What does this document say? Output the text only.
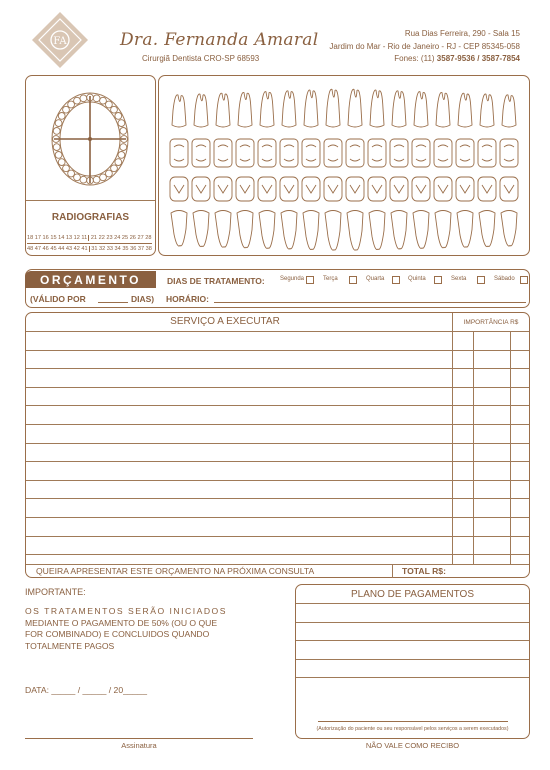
FA	Dra. Fernanda Amaral
Cirurgiã Dentista CRO-SP 68593
Rua Dias Ferreira, 290 - Sala 15
Jardim do Mar - Rio de Janeiro - RJ - CEP 85345-058
Fones: (11) 3587-9536 / 3587-7854
RADIOGRAFIAS
18 17 16 15 14 13 12 11 21 22 23 24 25 26 27 28
48 47 46 45 44 43 42 41 31 32 33 34 35 36 37 38
ORÇAMENTO	DIAS DE TRATAMENTO:	Segunda	Terça	Quarta	Quinta	Sexta	Sábado
(VÁLIDO POR	DIAS) HORÁRIO:
SERVIÇO A EXECUTAR	IMPORTÂNCIA R$
QUEIRA APRESENTAR ESTE ORÇAMENTO NA PRÓXIMA CONSULTA	TOTAL R$:
IMPORTANTE:
OS TRATAMENTOS SERÃO INICIADOS
MEDIANTE O PAGAMENTO DE 50% (OU O QUE
FOR COMBINADO) E CONCLUIDOS QUANDO
TOTALMENTE PAGOS
DATA: _____ / _____ / 20_____
PLANO DE PAGAMENTOS
(Autorização do paciente ou seu responsável pelos serviços a serem executados)
Assinatura	NÃO VALE COMO RECIBO
